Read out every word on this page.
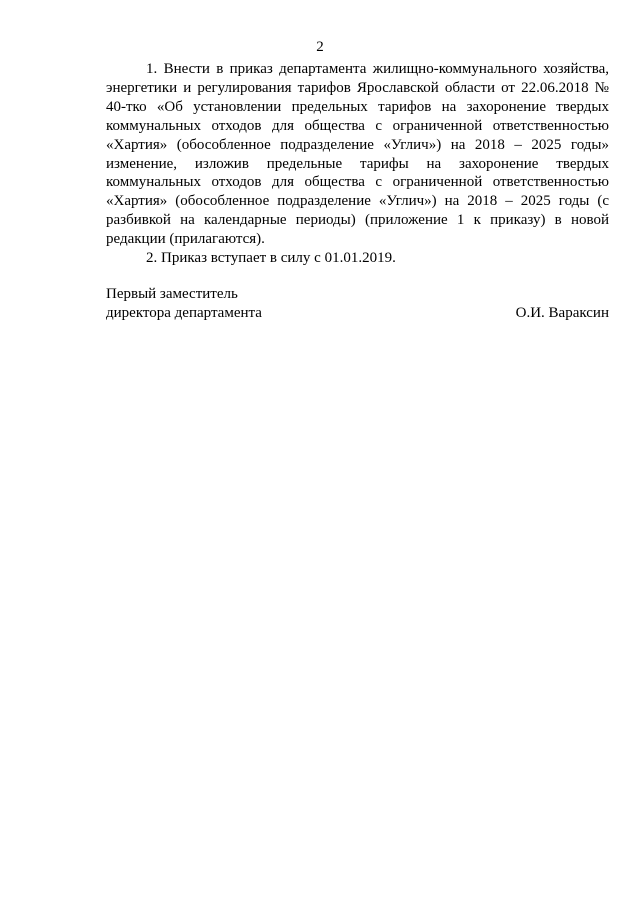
2

1. Внести в приказ департамента жилищно-коммунального хозяйства, энергетики и регулирования тарифов Ярославской области от 22.06.2018 № 40-тко «Об установлении предельных тарифов на захоронение твердых коммунальных отходов для общества с ограниченной ответственностью «Хартия» (обособленное подразделение «Углич») на 2018 – 2025 годы» изменение, изложив предельные тарифы на захоронение твердых коммунальных отходов для общества с ограниченной ответственностью «Хартия» (обособленное подразделение «Углич») на 2018 – 2025 годы (с разбивкой на календарные периоды) (приложение 1 к приказу) в новой редакции (прилагаются).

2. Приказ вступает в силу с 01.01.2019.

Первый заместитель
директора департамента	О.И. Вараксин
